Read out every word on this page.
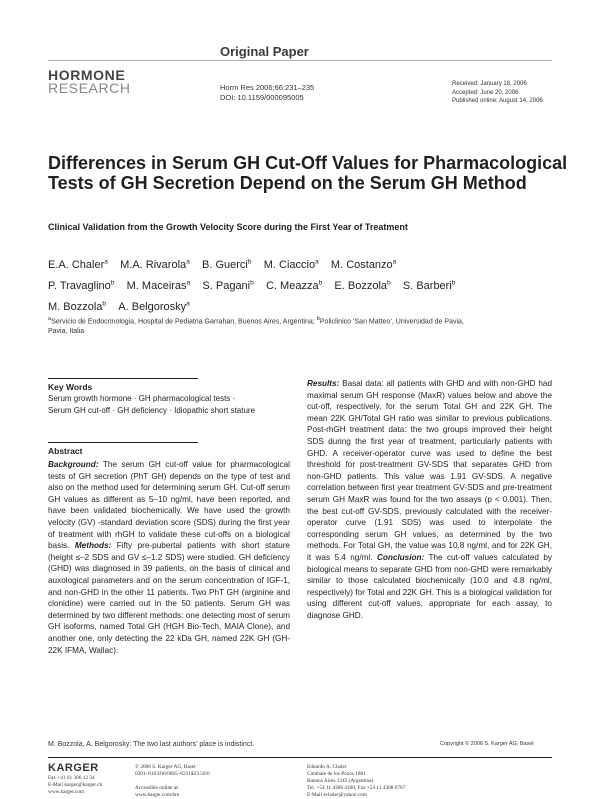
Original Paper
HORMONE
RESEARCH	Horm Res 2006;66:231–235
DOI: 10.1159/000095005
Received: January 18, 2006
Accepted: June 20, 2006
Published online: August 14, 2006
Differences in Serum GH Cut-Off Values for Pharmacological Tests of GH Secretion Depend on the Serum GH Method
Clinical Validation from the Growth Velocity Score during the First Year of Treatment
E.A. Chaler$^a$ M.A. Rivarola$^a$ B. Guerci$^b$ M. Ciaccio$^a$ M. Costanzo$^a$
P. Travaglino$^b$ M. Maceiras$^a$ S. Pagani$^b$ C. Meazza$^b$ E. Bozzola$^b$ S. Barberi$^b$
M. Bozzola$^b$ A. Belgorosky$^a$
$^a$Servicio de Endocrinologia, Hospital de Pediatria Garrahan, Buenos Aires, Argentina; $^b$Policlinico ‘San Matteo’, Universidad de Pavia, Pavia, Italia
Key Words
Serum growth hormone · GH pharmacological tests ·
Serum GH cut-off · GH deficiency · Idiopathic short stature
Abstract
Background: The serum GH cut-off value for pharmacological tests of GH secretion (PhT GH) depends on the type of test and also on the method used for determining serum GH. Cut-off serum GH values as different as 5–10 ng/ml, have been reported, and have been validated biochemically. We have used the growth velocity (GV) -standard deviation score (SDS) during the first year of treatment with rhGH to validate these cut-offs on a biological basis. Methods: Fifty pre-pubertal patients with short stature (height ≤–2 SDS and GV ≤–1.2 SDS) were studied. GH deficiency (GHD) was diagnosed in 39 patients, on the basis of clinical and auxological parameters and on the serum concentration of IGF-1, and non-GHD in the other 11 patients. Two PhT GH (arginine and clonidine) were carried out in the 50 patients. Serum GH was determined by two different methods: one detecting most of serum GH isoforms, named Total GH (HGH Bio-Tech, MAIA Clone), and another one, only detecting the 22 kDa GH, named 22K GH (GH-22K IFMA, Wallac).
Results: Basal data: all patients with GHD and with non-GHD had maximal serum GH response (MaxR) values below and above the cut-off, respectively, for the serum Total GH and 22K GH. The mean 22K GH/Total GH ratio was similar to previous publications. Post-rhGH treatment data: the two groups improved their height SDS during the first year of treatment, particularly patients with GHD. A receiver-operator curve was used to define the best threshold for post-treatment GV-SDS that separates GHD from non-GHD patients. This value was 1.91 GV-SDS. A negative correlation between first year treatment GV-SDS and pre-treatment serum GH MaxR was found for the two assays (p < 0.001). Then, the best cut-off GV-SDS, previously calculated with the receiver-operator curve (1.91 SDS) was used to interpolate the corresponding serum GH values, as determined by the two methods. For Total GH, the value was 10.8 ng/ml, and for 22K GH, it was 5.4 ng/ml. Conclusion: The cut-off values calculated by biological means to separate GHD from non-GHD were remarkably similar to those calculated biochemically (10.0 and 4.8 ng/ml, respectively) for Total and 22K GH. This is a biological validation for using different cut-off values, appropriate for each assay, to diagnose GHD.
M. Bozzola, A. Belgorosky: The two last authors’ place is indistinct.	Copyright © 2006 S. Karger AG, Basel
KARGER
Fax +41 61 306 12 34
E-Mail karger@karger.ch
www.karger.com
© 2006 S. Karger AG, Basel
0301–0163/06/0665–0231$23.50/0

Accessible online at:
www.karger.com/hre
Eduardo A. Chaler
Combate de los Pozos 1881
Buenos Aires 1245 (Argentina)
Tel. +54 11 4308 4300, Fax +54 11 4308 0767
E-Mail echaler@yahoo.com
